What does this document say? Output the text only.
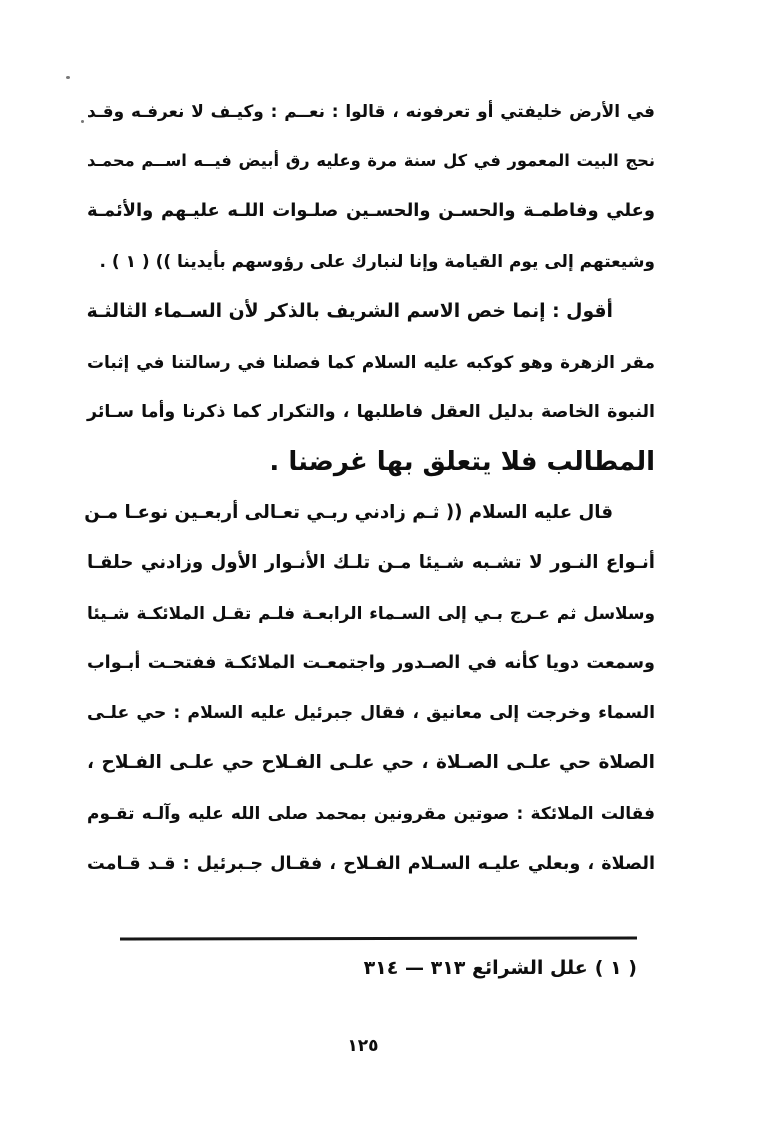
في الأرض خليفتي أو تعرفونه ، قالوا : نعــم : وكيـف لا نعرفـه وقـد
نحج البيت المعمور في كل سنة مرة وعليه رق أبيض فيــه اســم محمـد
وعلي وفاطمـة والحسـن والحسـين صلـوات اللـه عليـهم والأئمـة
وشيعتهم إلى يوم القيامة وإنا لنبارك على رؤوسهم بأيدينا )) ( ١ ) .
أقول : إنما خص الاسم الشريف بالذكر لأن السـماء الثالثـة
مقر الزهرة وهو كوكبه عليه السلام كما فصلنا في رسالتنا في إثبات
النبوة الخاصة بدليل العقل فاطلبها ، والتكرار كما ذكرنا وأما سـائر
المطالب فلا يتعلق بها غرضنا .
قال عليه السلام (( ثـم زادني ربـي تعـالى أربعـين نوعـا مـن
أنـواع النـور لا تشـبه شـيئا مـن تلـك الأنـوار الأول وزادني حلقـا
وسلاسل ثم عـرج بـي إلى السـماء الرابعـة فلـم تقـل الملائكـة شـيئا
وسمعت دويا كأنه في الصـدور واجتمعـت الملائكـة ففتحـت أبـواب
السماء وخرجت إلى معانيق ، فقال جبرئيل عليه السلام : حي علـى
الصلاة حي علـى الصـلاة ، حي علـى الفـلاح حي علـى الفـلاح ،
فقالت الملائكة : صوتين مقرونين بمحمد صلى الله عليه وآلـه تقـوم
الصلاة ، وبعلي عليـه السـلام الفـلاح ، فقـال جـبرئيل : قـد قـامت
( ١ )علل الشرائع ٣١٣ — ٣١٤
١٢٥
